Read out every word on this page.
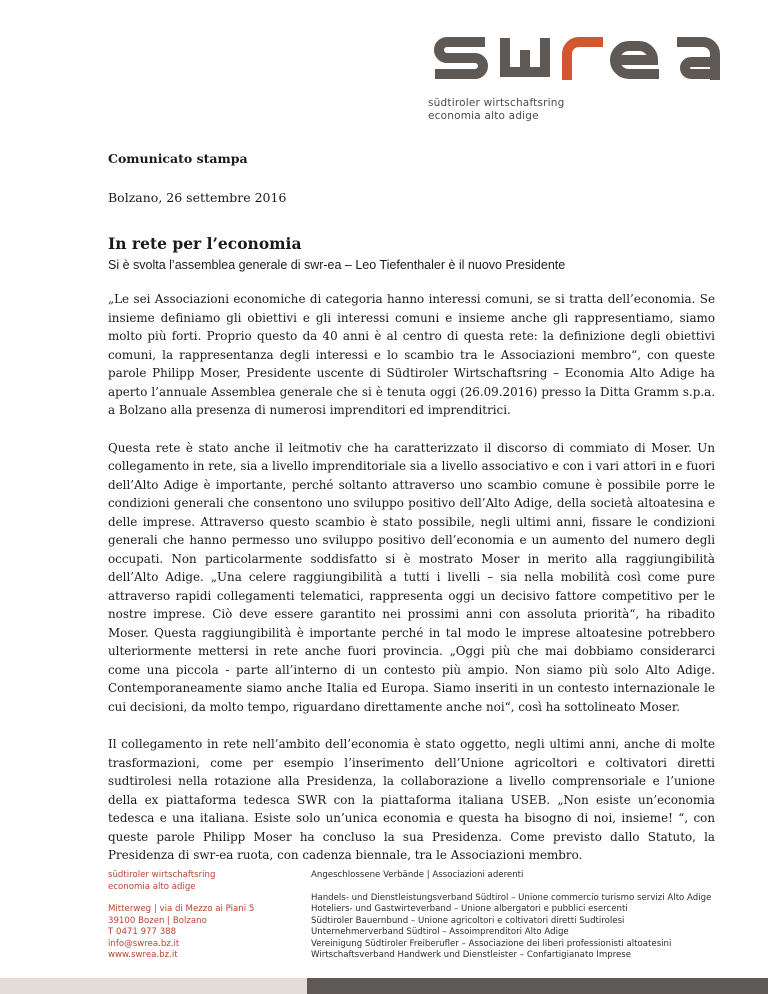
südtiroler wirtschaftsring
economia alto adige
Comunicato stampa
Bolzano, 26 settembre 2016
In rete per l’economia
Si è svolta l’assemblea generale di swr-ea – Leo Tiefenthaler è il nuovo Presidente

„Le sei Associazioni economiche di categoria hanno interessi comuni, se si tratta dell’economia. Se insieme definiamo gli obiettivi e gli interessi comuni e insieme anche gli rappresentiamo, siamo molto più forti. Proprio questo da 40 anni è al centro di questa rete: la definizione degli obiettivi comuni, la rappresentanza degli interessi e lo scambio tra le Associazioni membro“, con queste parole Philipp Moser, Presidente uscente di Südtiroler Wirtschaftsring – Economia Alto Adige ha aperto l’annuale Assemblea generale che si è tenuta oggi (26.09.2016) presso la Ditta Gramm s.p.a. a Bolzano alla presenza di numerosi imprenditori ed imprenditrici.

Questa rete è stato anche il leitmotiv che ha caratterizzato il discorso di commiato di Moser. Un collegamento in rete, sia a livello imprenditoriale sia a livello associativo e con i vari attori in e fuori dell’Alto Adige è importante, perché soltanto attraverso uno scambio comune è possibile porre le condizioni generali che consentono uno sviluppo positivo dell’Alto Adige, della società altoatesina e delle imprese. Attraverso questo scambio è stato possibile, negli ultimi anni, fissare le condizioni generali che hanno permesso uno sviluppo positivo dell’economia e un aumento del numero degli occupati. Non particolarmente soddisfatto si è mostrato Moser in merito alla raggiungibilità dell’Alto Adige. „Una celere raggiungibilità a tutti i livelli – sia nella mobilità così come pure attraverso rapidi collegamenti telematici, rappresenta oggi un decisivo fattore competitivo per le nostre imprese. Ciò deve essere garantito nei prossimi anni con assoluta priorità“, ha ribadito Moser. Questa raggiungibilità è importante perché in tal modo le imprese altoatesine potrebbero ulteriormente mettersi in rete anche fuori provincia. „Oggi più che mai dobbiamo considerarci come una piccola - parte all’interno di un contesto più ampio. Non siamo più solo Alto Adige. Contemporaneamente siamo anche Italia ed Europa. Siamo inseriti in un contesto internazionale le cui decisioni, da molto tempo, riguardano direttamente anche noi“, così ha sottolineato Moser.

Il collegamento in rete nell’ambito dell’economia è stato oggetto, negli ultimi anni, anche di molte trasformazioni, come per esempio l’inserimento dell’Unione agricoltori e coltivatori diretti sudtirolesi nella rotazione alla Presidenza, la collaborazione a livello comprensoriale e l’unione della ex piattaforma tedesca SWR con la piattaforma italiana USEB. „Non esiste un’economia tedesca e una italiana. Esiste solo un’unica economia e questa ha bisogno di noi, insieme! “, con queste parole Philipp Moser ha concluso la sua Presidenza. Come previsto dallo Statuto, la Presidenza di swr-ea ruota, con cadenza biennale, tra le Associazioni membro.

südtiroler wirtschaftsring
economia alto adige
Mitterweg | via di Mezzo ai Piani 5
39100 Bozen | Bolzano
T 0471 977 388
info@swrea.bz.it
www.swrea.bz.it
Angeschlossene Verbände | Associazioni aderenti
Handels- und Dienstleistungsverband Südtirol – Unione commercio turismo servizi Alto Adige
Hoteliers- und Gastwirteverband – Unione albergatori e pubblici esercenti
Südtiroler Bauernbund – Unione agricoltori e coltivatori diretti Sudtirolesi
Unternehmerverband Südtirol – Assoimprenditori Alto Adige
Vereinigung Südtiroler Freiberufler – Associazione dei liberi professionisti altoatesini
Wirtschaftsverband Handwerk und Dienstleister – Confartigianato Imprese
